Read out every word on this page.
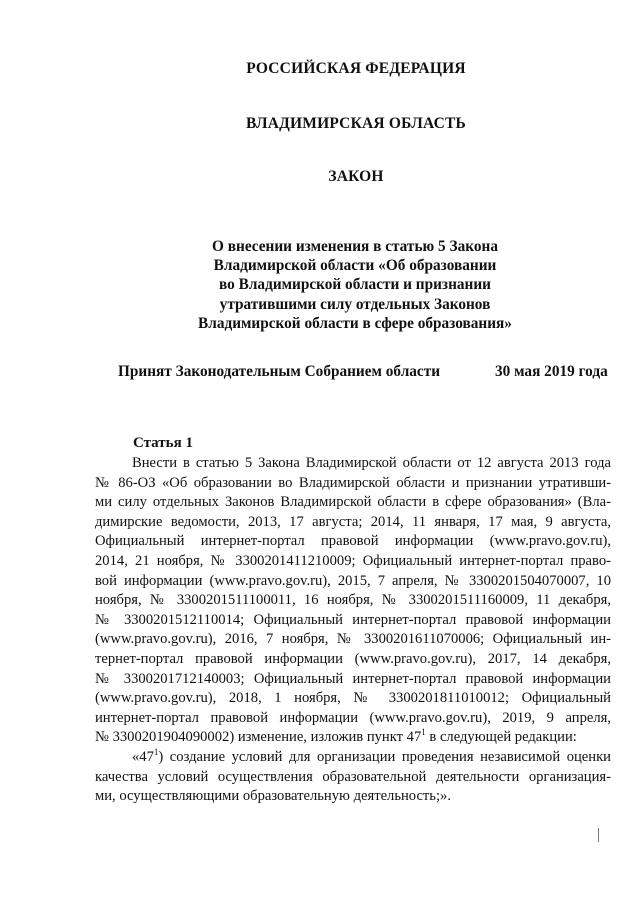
РОССИЙСКАЯ ФЕДЕРАЦИЯ
ВЛАДИМИРСКАЯ ОБЛАСТЬ
ЗАКОН
О внесении изменения в статью 5 Закона
Владимирской области «Об образовании
во Владимирской области и признании
утратившими силу отдельных Законов
Владимирской области в сфере образования»
Принят Законодательным Собранием области	30 мая 2019 года
Статья 1
Внести в статью 5 Закона Владимирской области от 12 августа 2013 года
№ 86-ОЗ «Об образовании во Владимирской области и признании утративши-
ми силу отдельных Законов Владимирской области в сфере образования» (Вла-
димирские ведомости, 2013, 17 августа; 2014, 11 января, 17 мая, 9 августа,
Официальный интернет-портал правовой информации (www.pravo.gov.ru),
2014, 21 ноября, № 3300201411210009; Официальный интернет-портал право-
вой информации (www.pravo.gov.ru), 2015, 7 апреля, № 3300201504070007, 10
ноября, № 3300201511100011, 16 ноября, № 3300201511160009, 11 декабря,
№ 3300201512110014; Официальный интернет-портал правовой информации
(www.pravo.gov.ru), 2016, 7 ноября, № 3300201611070006; Официальный ин-
тернет-портал правовой информации (www.pravo.gov.ru), 2017, 14 декабря,
№ 3300201712140003; Официальный интернет-портал правовой информации
(www.pravo.gov.ru), 2018, 1 ноября, № 3300201811010012; Официальный
интернет-портал правовой информации (www.pravo.gov.ru), 2019, 9 апреля,
№ 3300201904090002) изменение, изложив пункт $47^1$ в следующей редакции:
«$47^1$) создание условий для организации проведения независимой оценки
качества условий осуществления образовательной деятельности организация-
ми, осуществляющими образовательную деятельность;».
